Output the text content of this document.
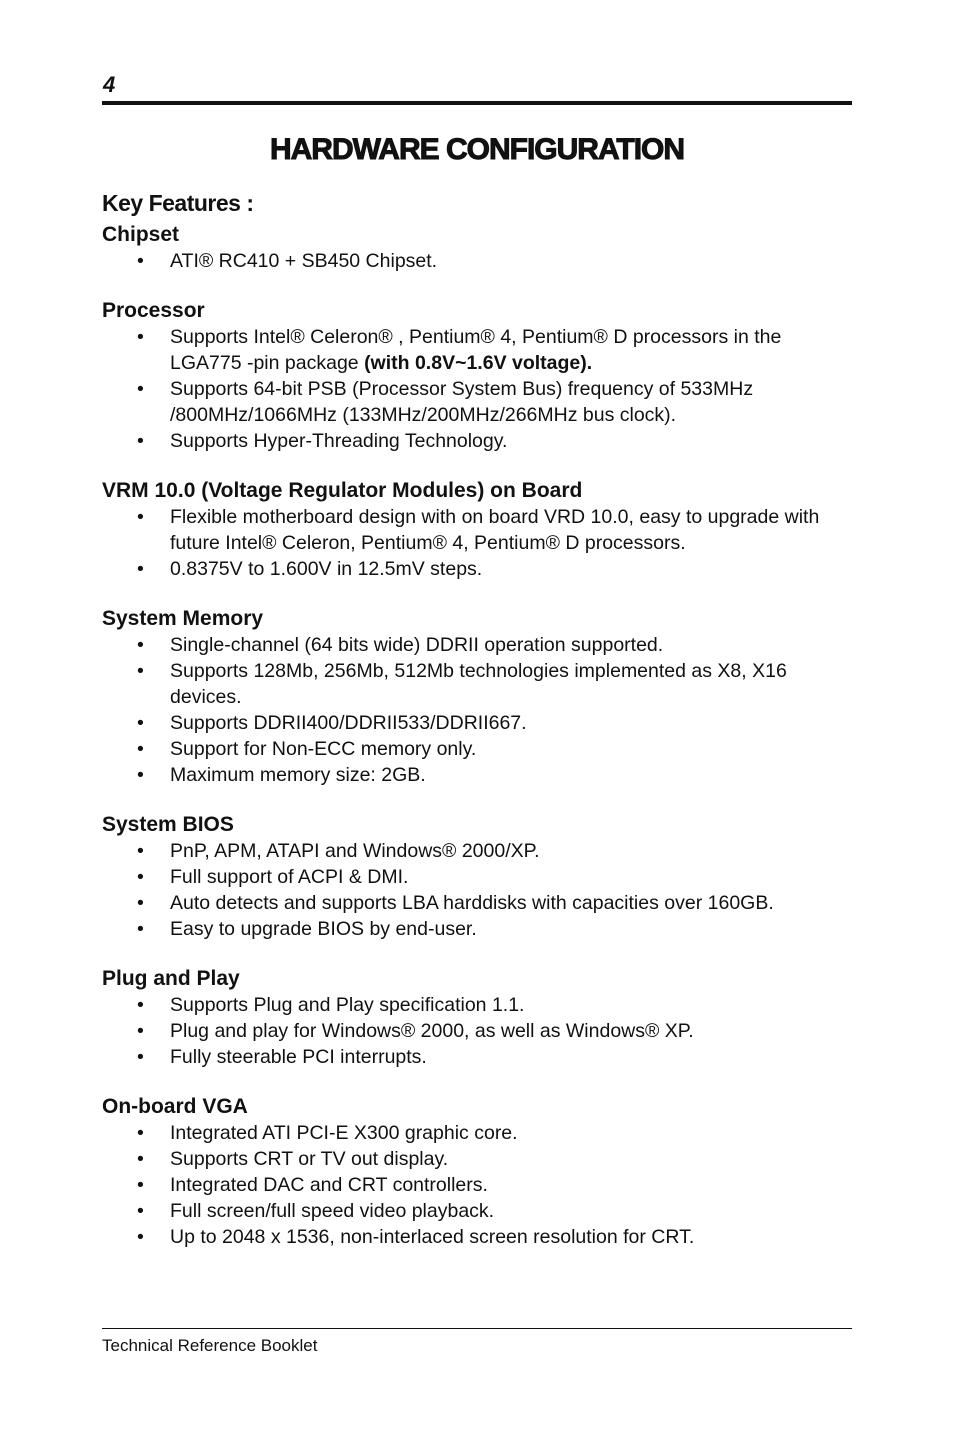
4
HARDWARE CONFIGURATION
Key Features :
Chipset
• ATI® RC410 + SB450 Chipset.
Processor
• Supports Intel® Celeron® , Pentium® 4, Pentium® D processors in the LGA775 -pin package (with 0.8V~1.6V voltage).
• Supports 64-bit PSB (Processor System Bus) frequency of 533MHz /800MHz/1066MHz (133MHz/200MHz/266MHz bus clock).
• Supports Hyper-Threading Technology.
VRM 10.0 (Voltage Regulator Modules) on Board
• Flexible motherboard design with on board VRD 10.0, easy to upgrade with future Intel® Celeron, Pentium® 4, Pentium® D processors.
• 0.8375V to 1.600V in 12.5mV steps.
System Memory
• Single-channel (64 bits wide) DDRII operation supported.
• Supports 128Mb, 256Mb, 512Mb technologies implemented as X8, X16 devices.
• Supports DDRII400/DDRII533/DDRII667.
• Support for Non-ECC memory only.
• Maximum memory size: 2GB.
System BIOS
• PnP, APM, ATAPI and Windows® 2000/XP.
• Full support of ACPI & DMI.
• Auto detects and supports LBA harddisks with capacities over 160GB.
• Easy to upgrade BIOS by end-user.
Plug and Play
• Supports Plug and Play specification 1.1.
• Plug and play for Windows® 2000, as well as Windows® XP.
• Fully steerable PCI interrupts.
On-board VGA
• Integrated ATI PCI-E X300 graphic core.
• Supports CRT or TV out display.
• Integrated DAC and CRT controllers.
• Full screen/full speed video playback.
• Up to 2048 x 1536, non-interlaced screen resolution for CRT.
Technical Reference Booklet
